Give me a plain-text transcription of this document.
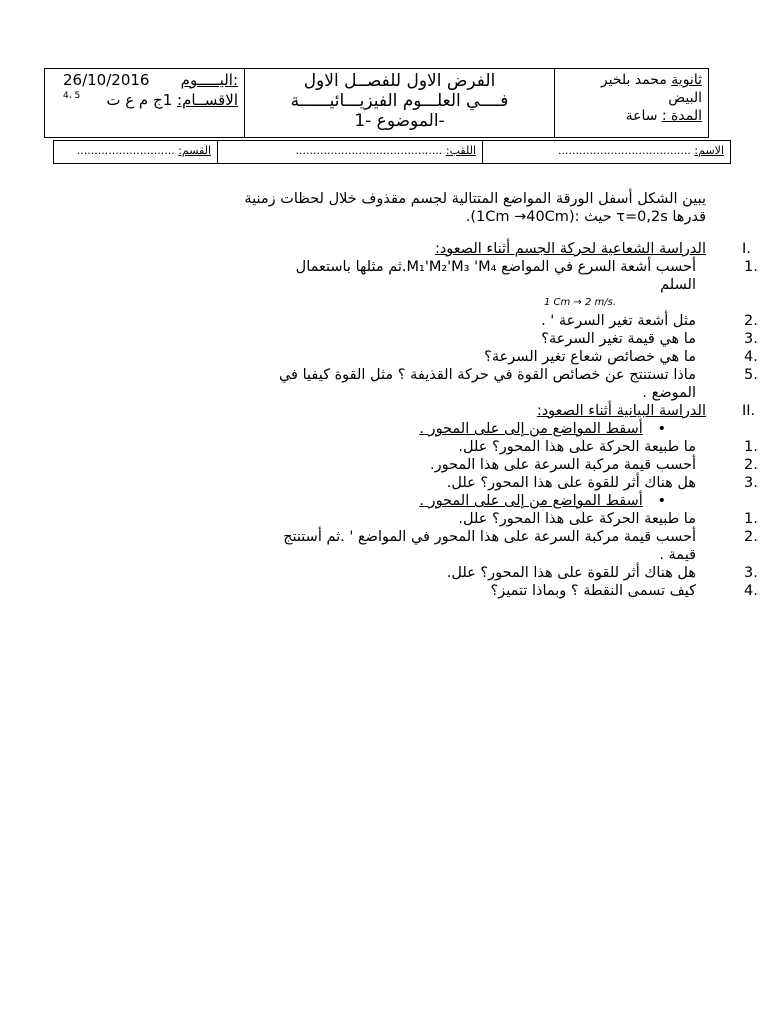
26/10/2016 اليـــــوم:
الاقســام: 1ج م ع ت
5 ،4
الفرض الاول للفصــل الاول
فــــي العلـــوم الفيزيـــائيــــــة
-الموضوع -1
ثانوية محمد بلخير
البيض
المدة : ساعة
الاسم: ......................................
اللقب: ..........................................
القسم: ............................
يبين الشكل أسفل الورقة المواضع المتتالية لجسم مقذوف خلال لحظات زمنية
قدرها τ=0,2s حيث :(1Cm →40Cm).
I.
الدراسة الشعاعية لحركة الجسم أثناء الصعود:
1.
أحسب أشعة السرع في المواضع M₁'M₂'M₃ 'M₄.ثم مثلها باستعمال
السلم
1 Cm → 2 m/s.
2.
مثل أشعة تغير السرعة ' .
3.
ما هي قيمة تغير السرعة؟
4.
ما هي خصائص شعاع تغير السرعة؟
5.
ماذا تستنتج عن خصائص القوة في حركة القذيفة ؟ مثل القوة كيفيا في
الموضع .
II.
الدراسة البيانية أثناء الصعود:
• أسقط المواضع من إلى على المحور .
1.
ما طبيعة الحركة على هذا المحور؟ علل.
2.
أحسب قيمة مركبة السرعة على هذا المحور.
3.
هل هناك أثر للقوة على هذا المحور؟ علل.
• أسقط المواضع من إلى على المحور .
1.
ما طبيعة الحركة على هذا المحور؟ علل.
2.
أحسب قيمة مركبة السرعة على هذا المحور في المواضع ' .ثم أستنتج
قيمة .
3.
هل هناك أثر للقوة على هذا المحور؟ علل.
4.
كيف تسمى النقطة ؟ وبماذا تتميز؟
